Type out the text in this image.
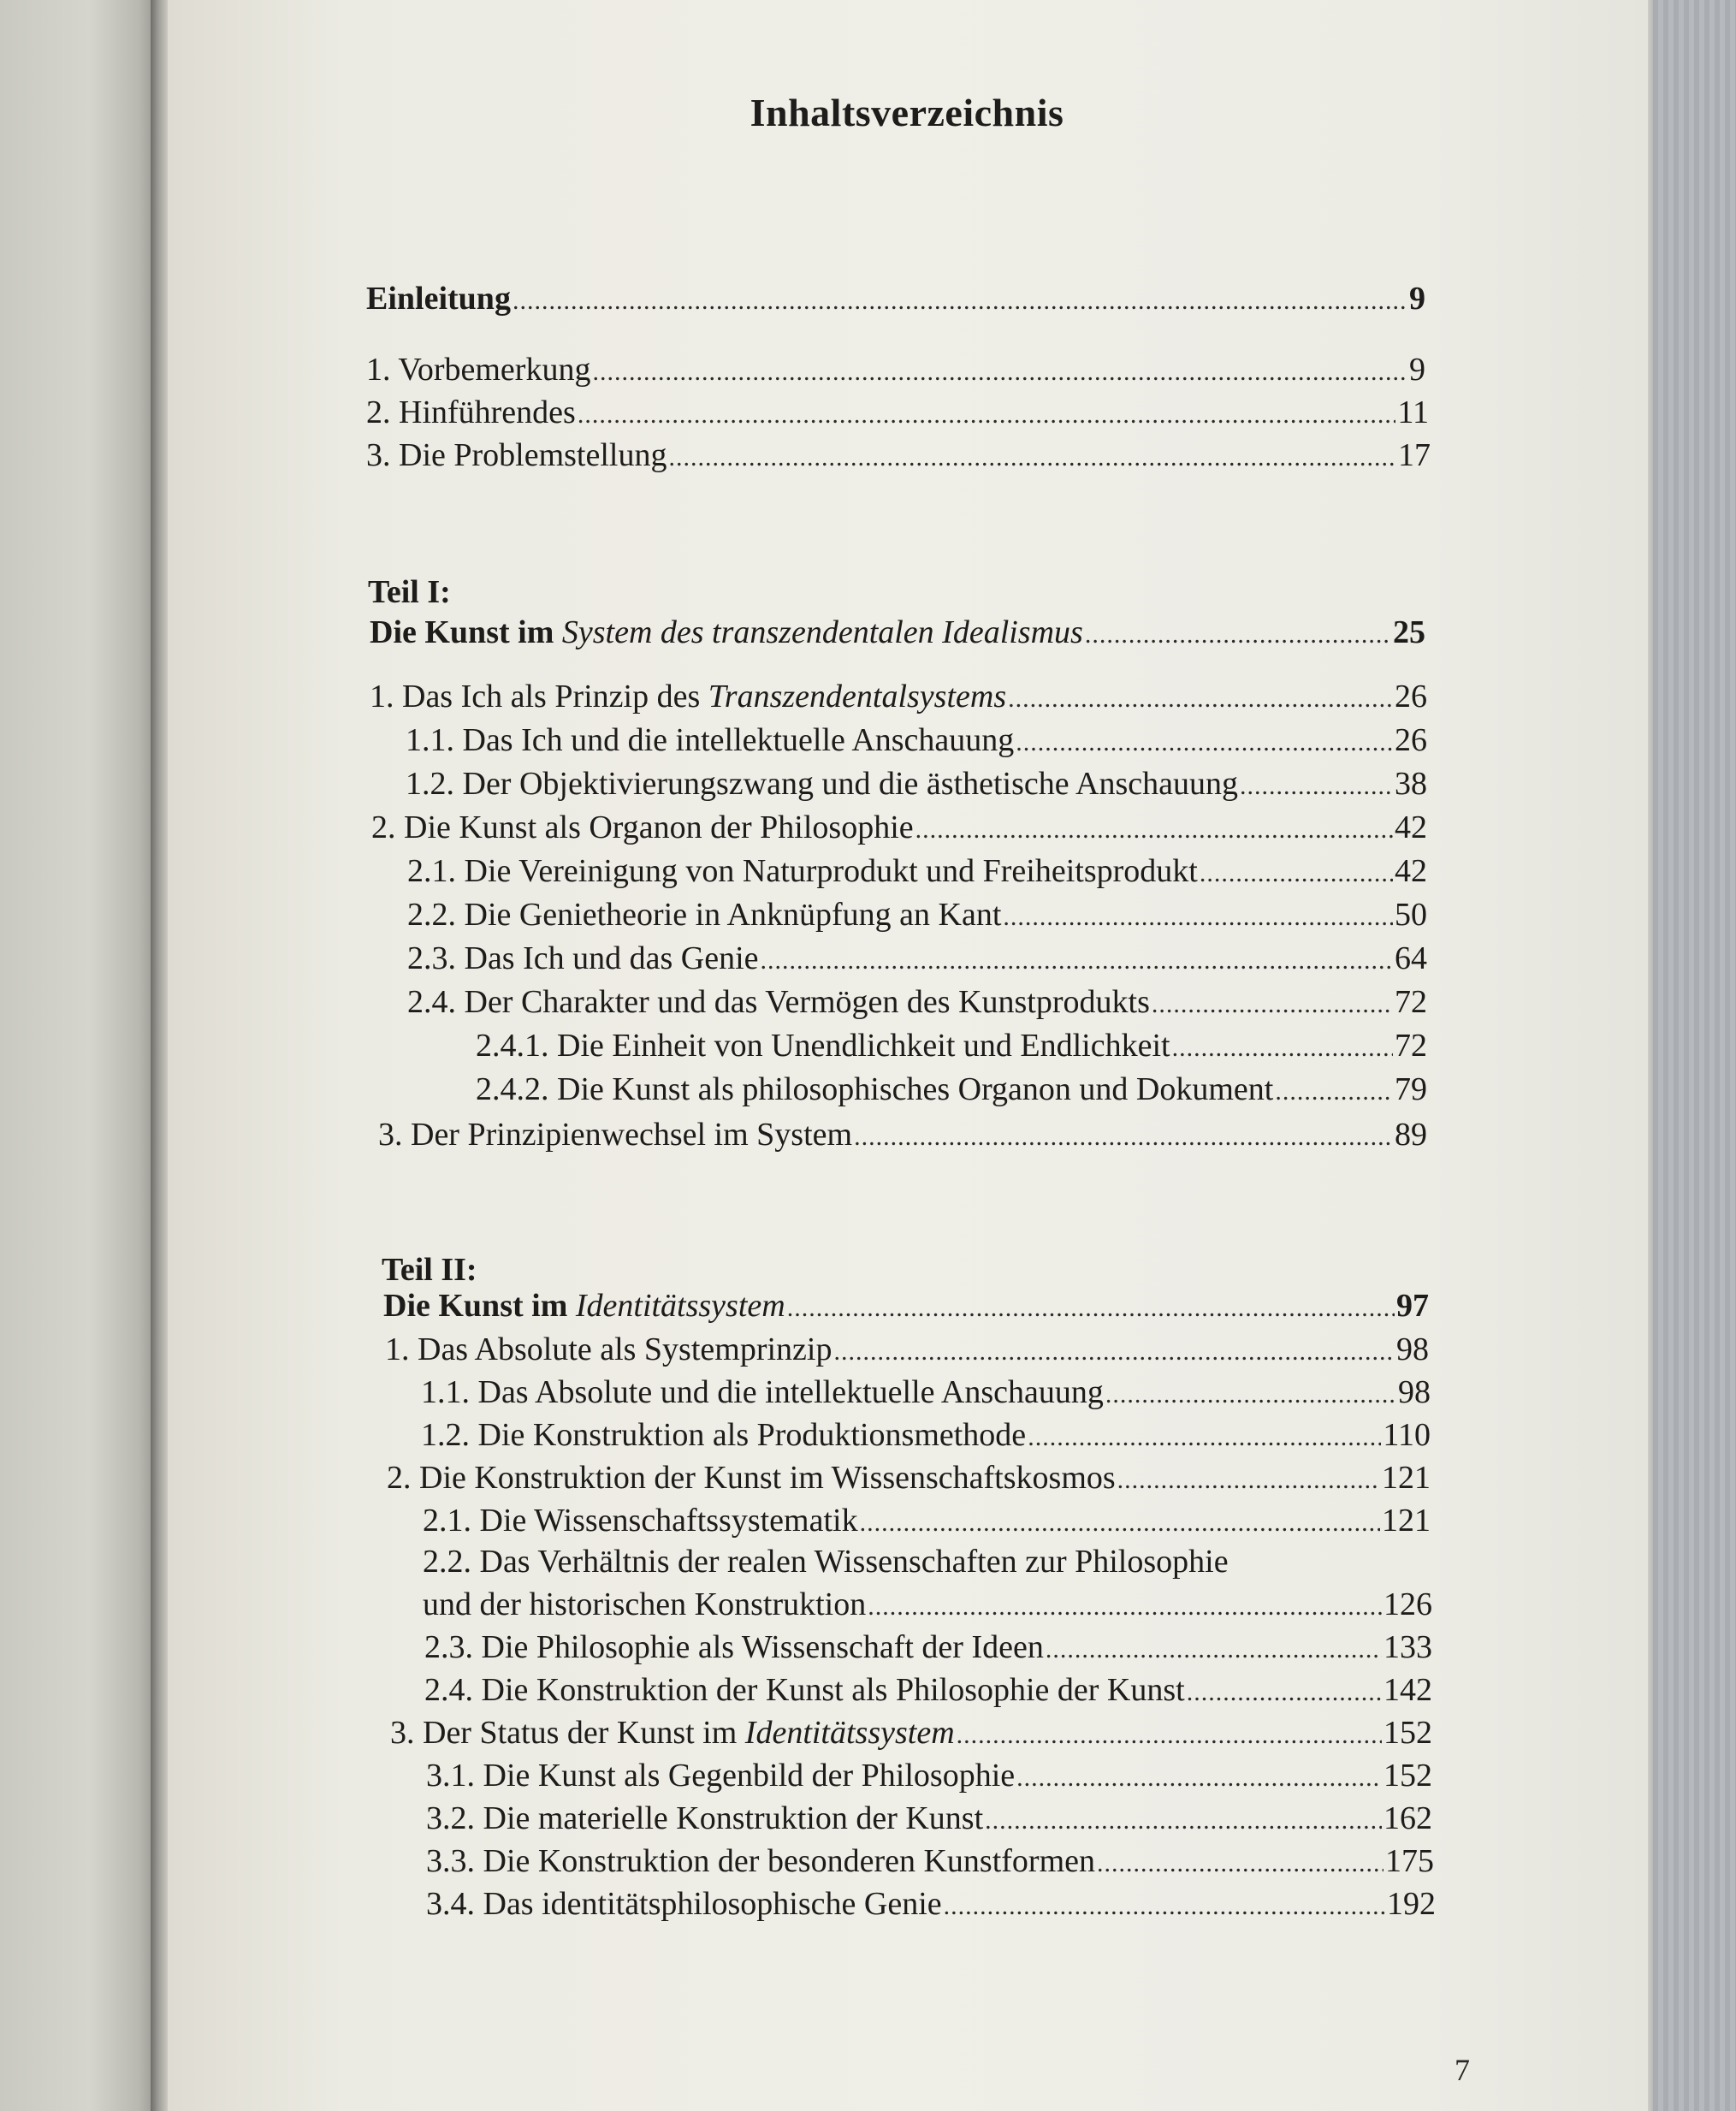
Inhaltsverzeichnis
Einleitung .....	9
1. Vorbemerkung .....	9
2. Hinführendes .....	11
3. Die Problemstellung .....	17
Teil I:
Die Kunst im System des transzendentalen Idealismus .....	25
1. Das Ich als Prinzip des Transzendentalsystems .....	26
1.1. Das Ich und die intellektuelle Anschauung .....	26
1.2. Der Objektivierungszwang und die ästhetische Anschauung .....	38
2. Die Kunst als Organon der Philosophie .....	42
2.1. Die Vereinigung von Naturprodukt und Freiheitsprodukt .....	42
2.2. Die Genietheorie in Anknüpfung an Kant .....	50
2.3. Das Ich und das Genie .....	64
2.4. Der Charakter und das Vermögen des Kunstprodukts .....	72
2.4.1. Die Einheit von Unendlichkeit und Endlichkeit .....	72
2.4.2. Die Kunst als philosophisches Organon und Dokument .....	79
3. Der Prinzipienwechsel im System .....	89
Teil II:
Die Kunst im Identitätssystem .....	97
1. Das Absolute als Systemprinzip .....	98
1.1. Das Absolute und die intellektuelle Anschauung .....	98
1.2. Die Konstruktion als Produktionsmethode .....	110
2. Die Konstruktion der Kunst im Wissenschaftskosmos .....	121
2.1. Die Wissenschaftssystematik .....	121
2.2. Das Verhältnis der realen Wissenschaften zur Philosophie
und der historischen Konstruktion .....	126
2.3. Die Philosophie als Wissenschaft der Ideen .....	133
2.4. Die Konstruktion der Kunst als Philosophie der Kunst .....	142
3. Der Status der Kunst im Identitätssystem .....	152
3.1. Die Kunst als Gegenbild der Philosophie .....	152
3.2. Die materielle Konstruktion der Kunst .....	162
3.3. Die Konstruktion der besonderen Kunstformen .....	175
3.4. Das identitätsphilosophische Genie .....	192
7
